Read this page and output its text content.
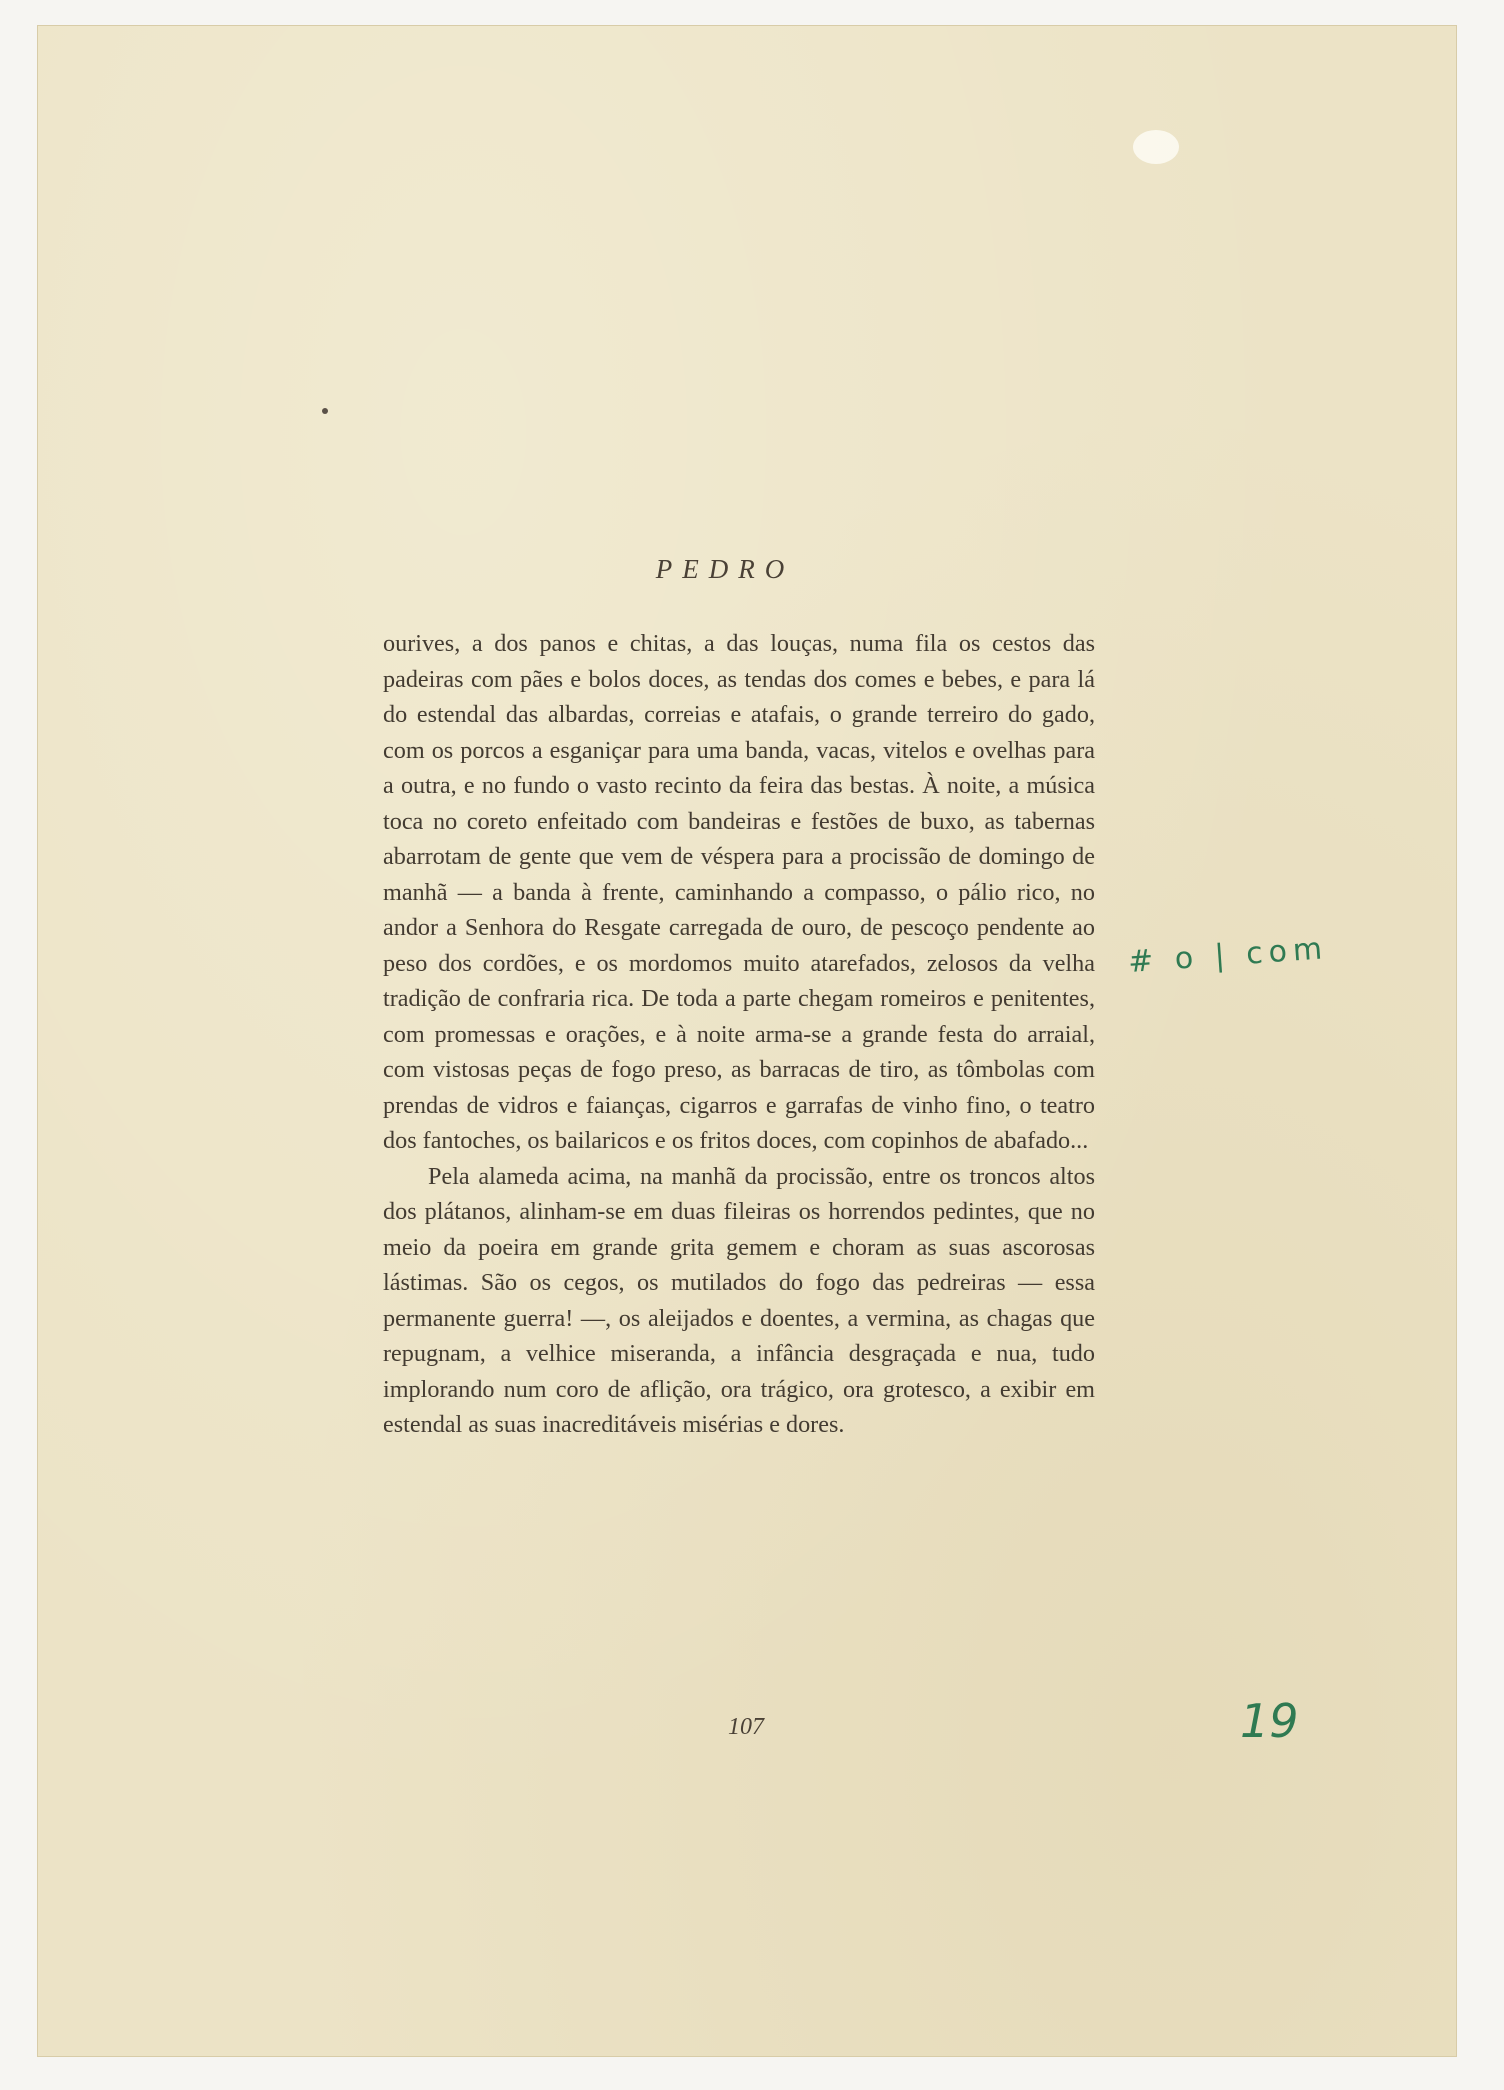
PEDRO

ourives, a dos panos e chitas, a das louças, numa fila os cestos das padeiras com pães e bolos doces, as tendas dos comes e bebes, e para lá do estendal das albardas, correias e atafais, o grande terreiro do gado, com os porcos a esganiçar para uma banda, vacas, vitelos e ovelhas para a outra, e no fundo o vasto recinto da feira das bestas. À noite, a música toca no coreto enfeitado com bandeiras e festões de buxo, as tabernas abarrotam de gente que vem de véspera para a procissão de domingo de manhã — a banda à frente, caminhando a compasso, o pálio rico, no andor a Senhora do Resgate carregada de ouro, de pescoço pendente ao peso dos cordões, e os mordomos muito atarefados, zelosos da velha tradição de confraria rica. De toda a parte chegam romeiros e penitentes, com promessas e orações, e à noite arma-se a grande festa do arraial, com vistosas peças de fogo preso, as barracas de tiro, as tômbolas com prendas de vidros e faianças, cigarros e garrafas de vinho fino, o teatro dos fantoches, os bailaricos e os fritos doces, com copinhos de abafado...

Pela alameda acima, na manhã da procissão, entre os troncos altos dos plátanos, alinham-se em duas fileiras os horrendos pedintes, que no meio da poeira em grande grita gemem e choram as suas ascorosas lástimas. São os cegos, os mutilados do fogo das pedreiras — essa permanente guerra! —, os aleijados e doentes, a vermina, as chagas que repugnam, a velhice miseranda, a infância desgraçada e nua, tudo implorando num coro de aflição, ora trágico, ora grotesco, a exibir em estendal as suas inacreditáveis misérias e dores.

107
# o | com
19
